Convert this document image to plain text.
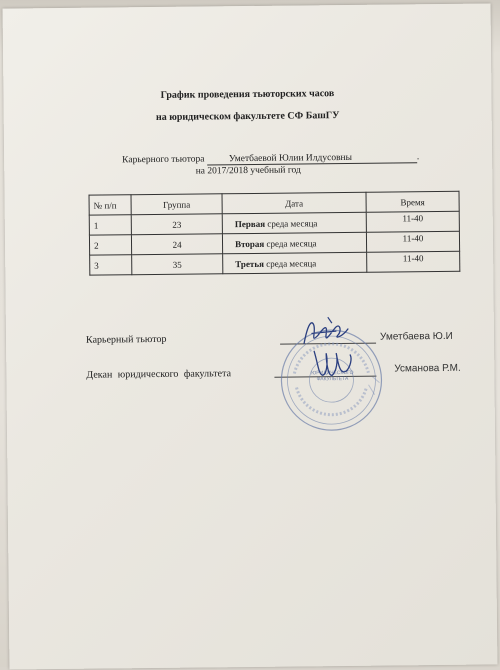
График проведения тьюторских часов
на юридическом факультете СФ БашГУ
Карьерного тьютора	Уметбаевой Юлии Илдусовны	.
на 2017/2018 учебный год
№ п/п	Группа	Дата	Время
1	23	Первая среда месяца	11-40
2	24	Вторая среда месяца	11-40
3	35	Третья среда месяца	11-40
Карьерный тьютор	Уметбаева Ю.И
Декан юридического факультета	Усманова Р.М.
ЮРИДИЧЕСКОГО ФАКУЛЬТЕТА
